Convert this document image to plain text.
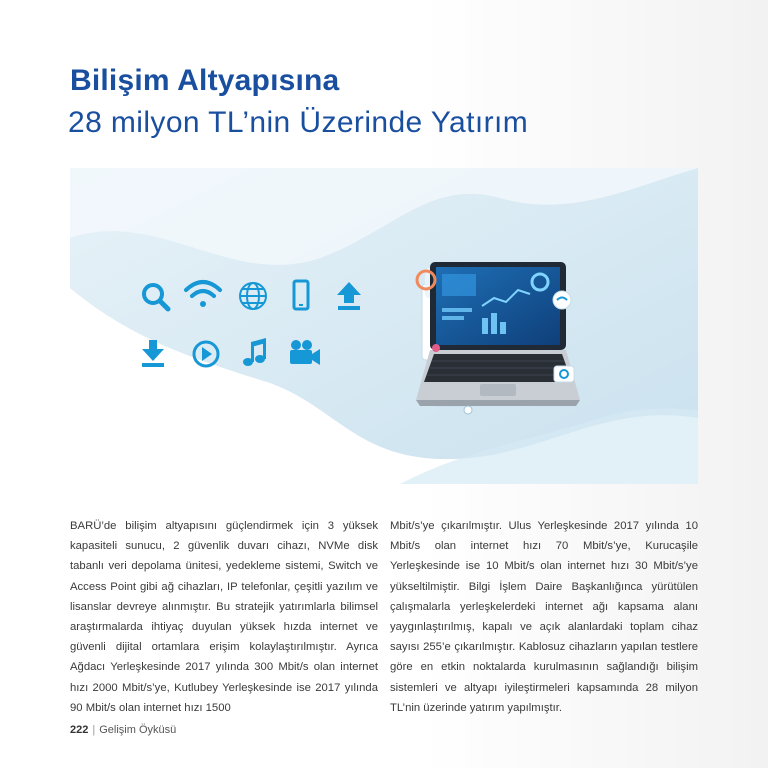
Bilişim Altyapısına
28 milyon TL’nin Üzerinde Yatırım
BARÜ’de bilişim altyapısını güçlendirmek için 3 yüksek kapasiteli sunucu, 2 güvenlik duvarı cihazı, NVMe disk tabanlı veri depolama ünitesi, yedekleme sistemi, Switch ve Access Point gibi ağ cihazları, IP telefonlar, çeşitli yazılım ve lisanslar devreye alınmıştır. Bu stratejik yatırımlarla bilimsel araştırmalarda ihtiyaç duyulan yüksek hızda internet ve güvenli dijital ortamlara erişim kolaylaştırılmıştır. Ayrıca Ağdacı Yerleşkesinde 2017 yılında 300 Mbit/s olan internet hızı 2000 Mbit/s’ye, Kutlubey Yerleşkesinde ise 2017 yılında 90 Mbit/s olan internet hızı 1500
Mbit/s’ye çıkarılmıştır. Ulus Yerleşkesinde 2017 yılında 10 Mbit/s olan internet hızı 70 Mbit/s’ye, Kurucaşile Yerleşkesinde ise 10 Mbit/s olan internet hızı 30 Mbit/s’ye yükseltilmiştir. Bilgi İşlem Daire Başkanlığınca yürütülen çalışmalarla yerleşkelerdeki internet ağı kapsama alanı yaygınlaştırılmış, kapalı ve açık alanlardaki toplam cihaz sayısı 255’e çıkarılmıştır. Kablosuz cihazların yapılan testlere göre en etkin noktalarda kurulmasının sağlandığı bilişim sistemleri ve altyapı iyileştirmeleri kapsamında 28 milyon TL’nin üzerinde yatırım yapılmıştır.
222 | Gelişim Öyküsü
